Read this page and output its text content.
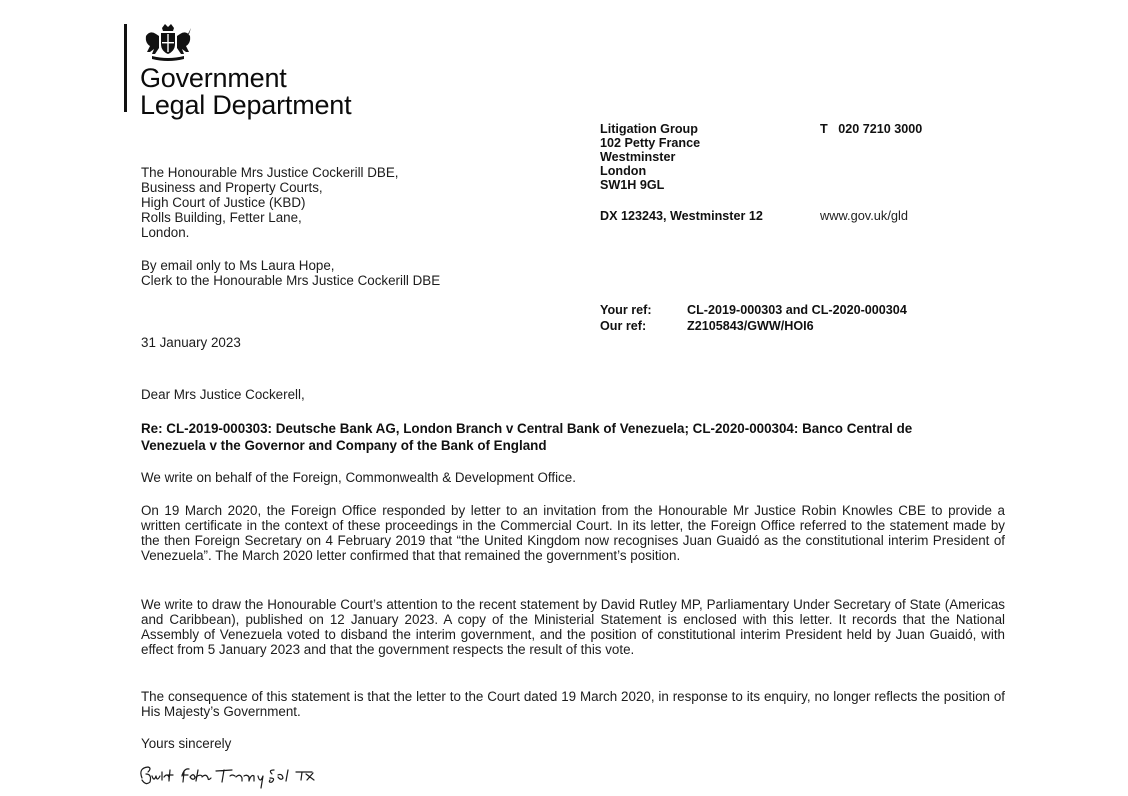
Government
Legal Department
Litigation Group
102 Petty France
Westminster
London
SW1H 9GL
T   020 7210 3000
DX 123243, Westminster 12	www.gov.uk/gld
The Honourable Mrs Justice Cockerill DBE,
Business and Property Courts,
High Court of Justice (KBD)
Rolls Building, Fetter Lane,
London.
By email only to Ms Laura Hope,
Clerk to the Honourable Mrs Justice Cockerill DBE
Your ref:	CL-2019-000303 and CL-2020-000304
Our ref:	Z2105843/GWW/HOI6
31 January 2023
Dear Mrs Justice Cockerell,
Re: CL-2019-000303: Deutsche Bank AG, London Branch v Central Bank of Venezuela; CL-2020-000304: Banco Central de Venezuela v the Governor and Company of the Bank of England
We write on behalf of the Foreign, Commonwealth & Development Office.
On 19 March 2020, the Foreign Office responded by letter to an invitation from the Honourable Mr Justice Robin Knowles CBE to provide a written certificate in the context of these proceedings in the Commercial Court. In its letter, the Foreign Office referred to the statement made by the then Foreign Secretary on 4 February 2019 that “the United Kingdom now recognises Juan Guaidó as the constitutional interim President of Venezuela”. The March 2020 letter confirmed that that remained the government’s position.
We write to draw the Honourable Court’s attention to the recent statement by David Rutley MP, Parliamentary Under Secretary of State (Americas and Caribbean), published on 12 January 2023. A copy of the Ministerial Statement is enclosed with this letter. It records that the National Assembly of Venezuela voted to disband the interim government, and the position of constitutional interim President held by Juan Guaidó, with effect from 5 January 2023 and that the government respects the result of this vote.
The consequence of this statement is that the letter to the Court dated 19 March 2020, in response to its enquiry, no longer reflects the position of His Majesty’s Government.
Yours sincerely
